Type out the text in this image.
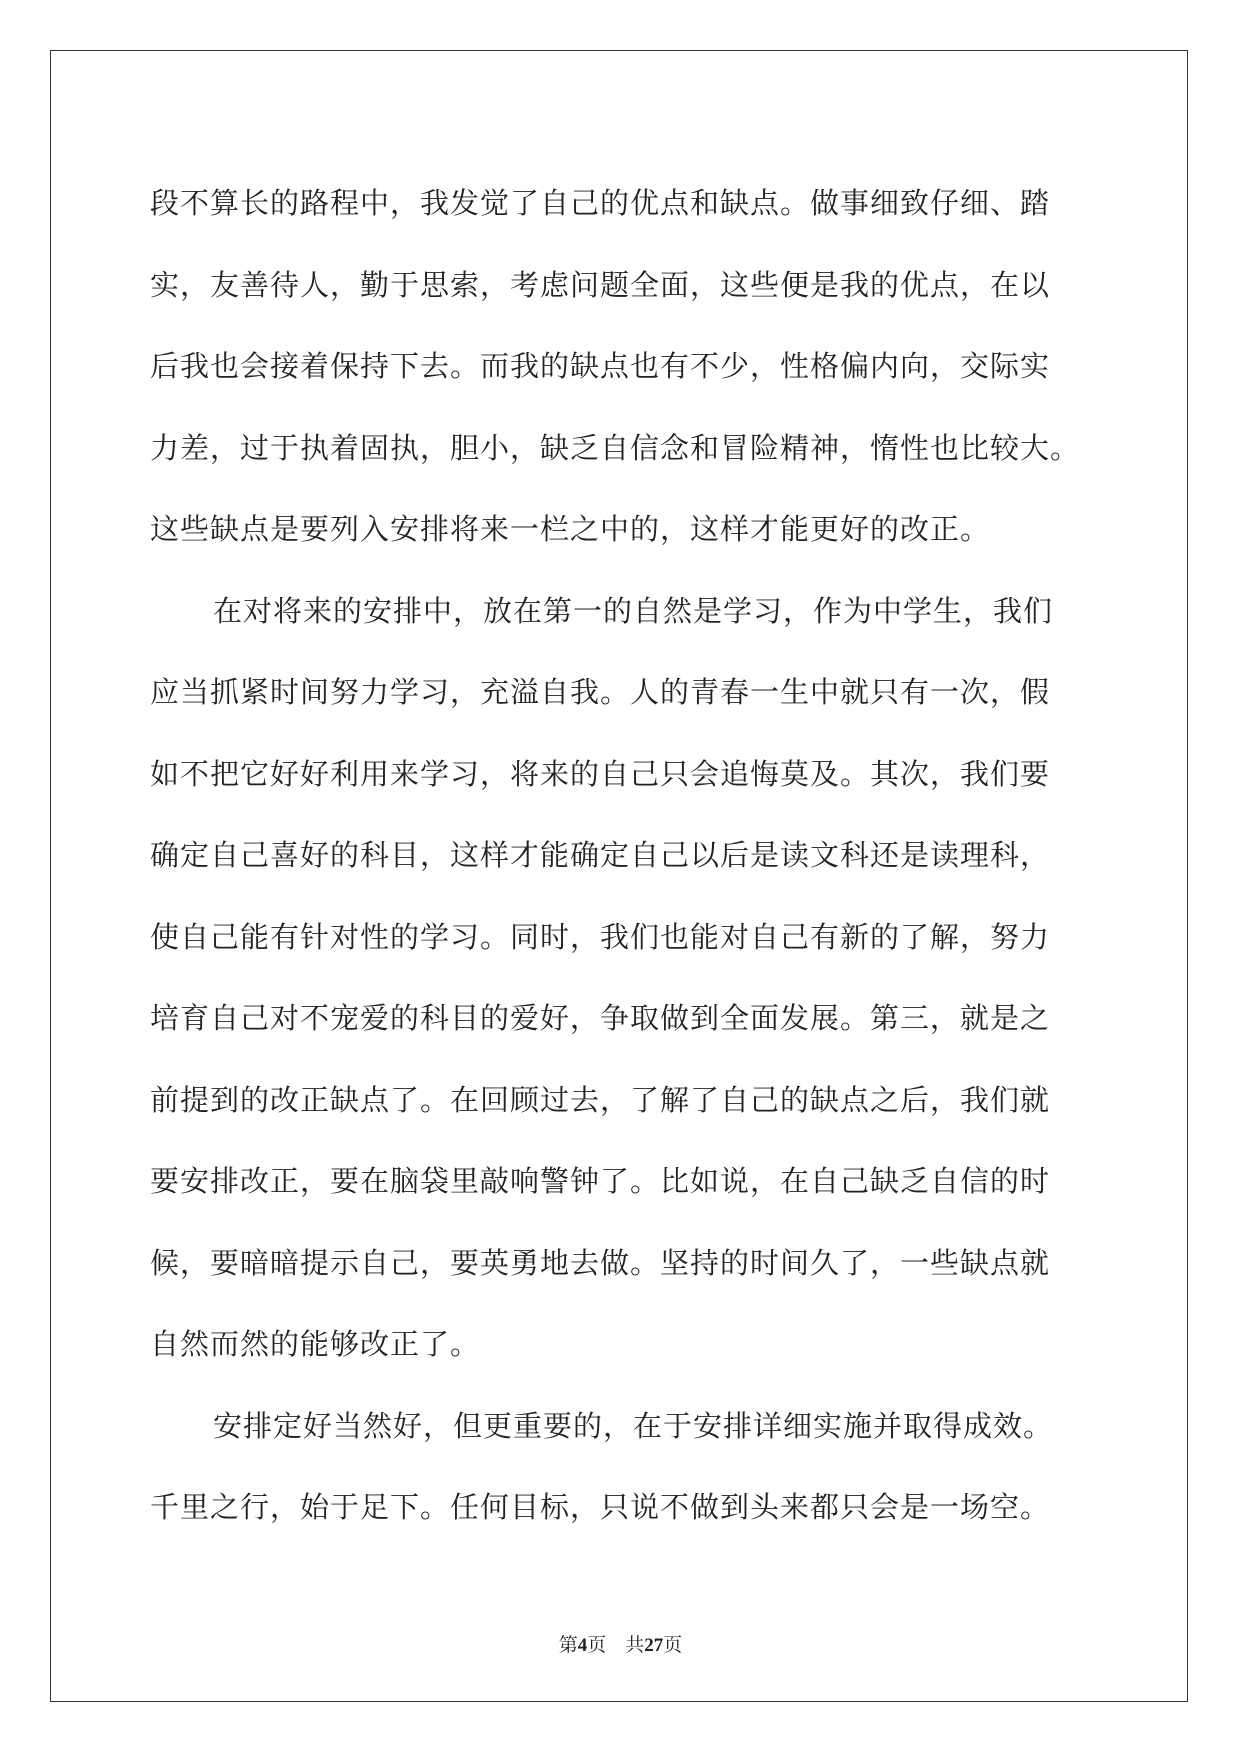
段不算长的路程中，我发觉了自己的优点和缺点。做事细致仔细、踏
实，友善待人，勤于思索，考虑问题全面，这些便是我的优点，在以
后我也会接着保持下去。而我的缺点也有不少，性格偏内向，交际实
力差，过于执着固执，胆小，缺乏自信念和冒险精神，惰性也比较大。
这些缺点是要列入安排将来一栏之中的，这样才能更好的改正。
在对将来的安排中，放在第一的自然是学习，作为中学生，我们
应当抓紧时间努力学习，充溢自我。人的青春一生中就只有一次，假
如不把它好好利用来学习，将来的自己只会追悔莫及。其次，我们要
确定自己喜好的科目，这样才能确定自己以后是读文科还是读理科，
使自己能有针对性的学习。同时，我们也能对自己有新的了解，努力
培育自己对不宠爱的科目的爱好，争取做到全面发展。第三，就是之
前提到的改正缺点了。在回顾过去，了解了自己的缺点之后，我们就
要安排改正，要在脑袋里敲响警钟了。比如说，在自己缺乏自信的时
候，要暗暗提示自己，要英勇地去做。坚持的时间久了，一些缺点就
自然而然的能够改正了。
安排定好当然好，但更重要的，在于安排详细实施并取得成效。
千里之行，始于足下。任何目标，只说不做到头来都只会是一场空。
第4页 共27页
